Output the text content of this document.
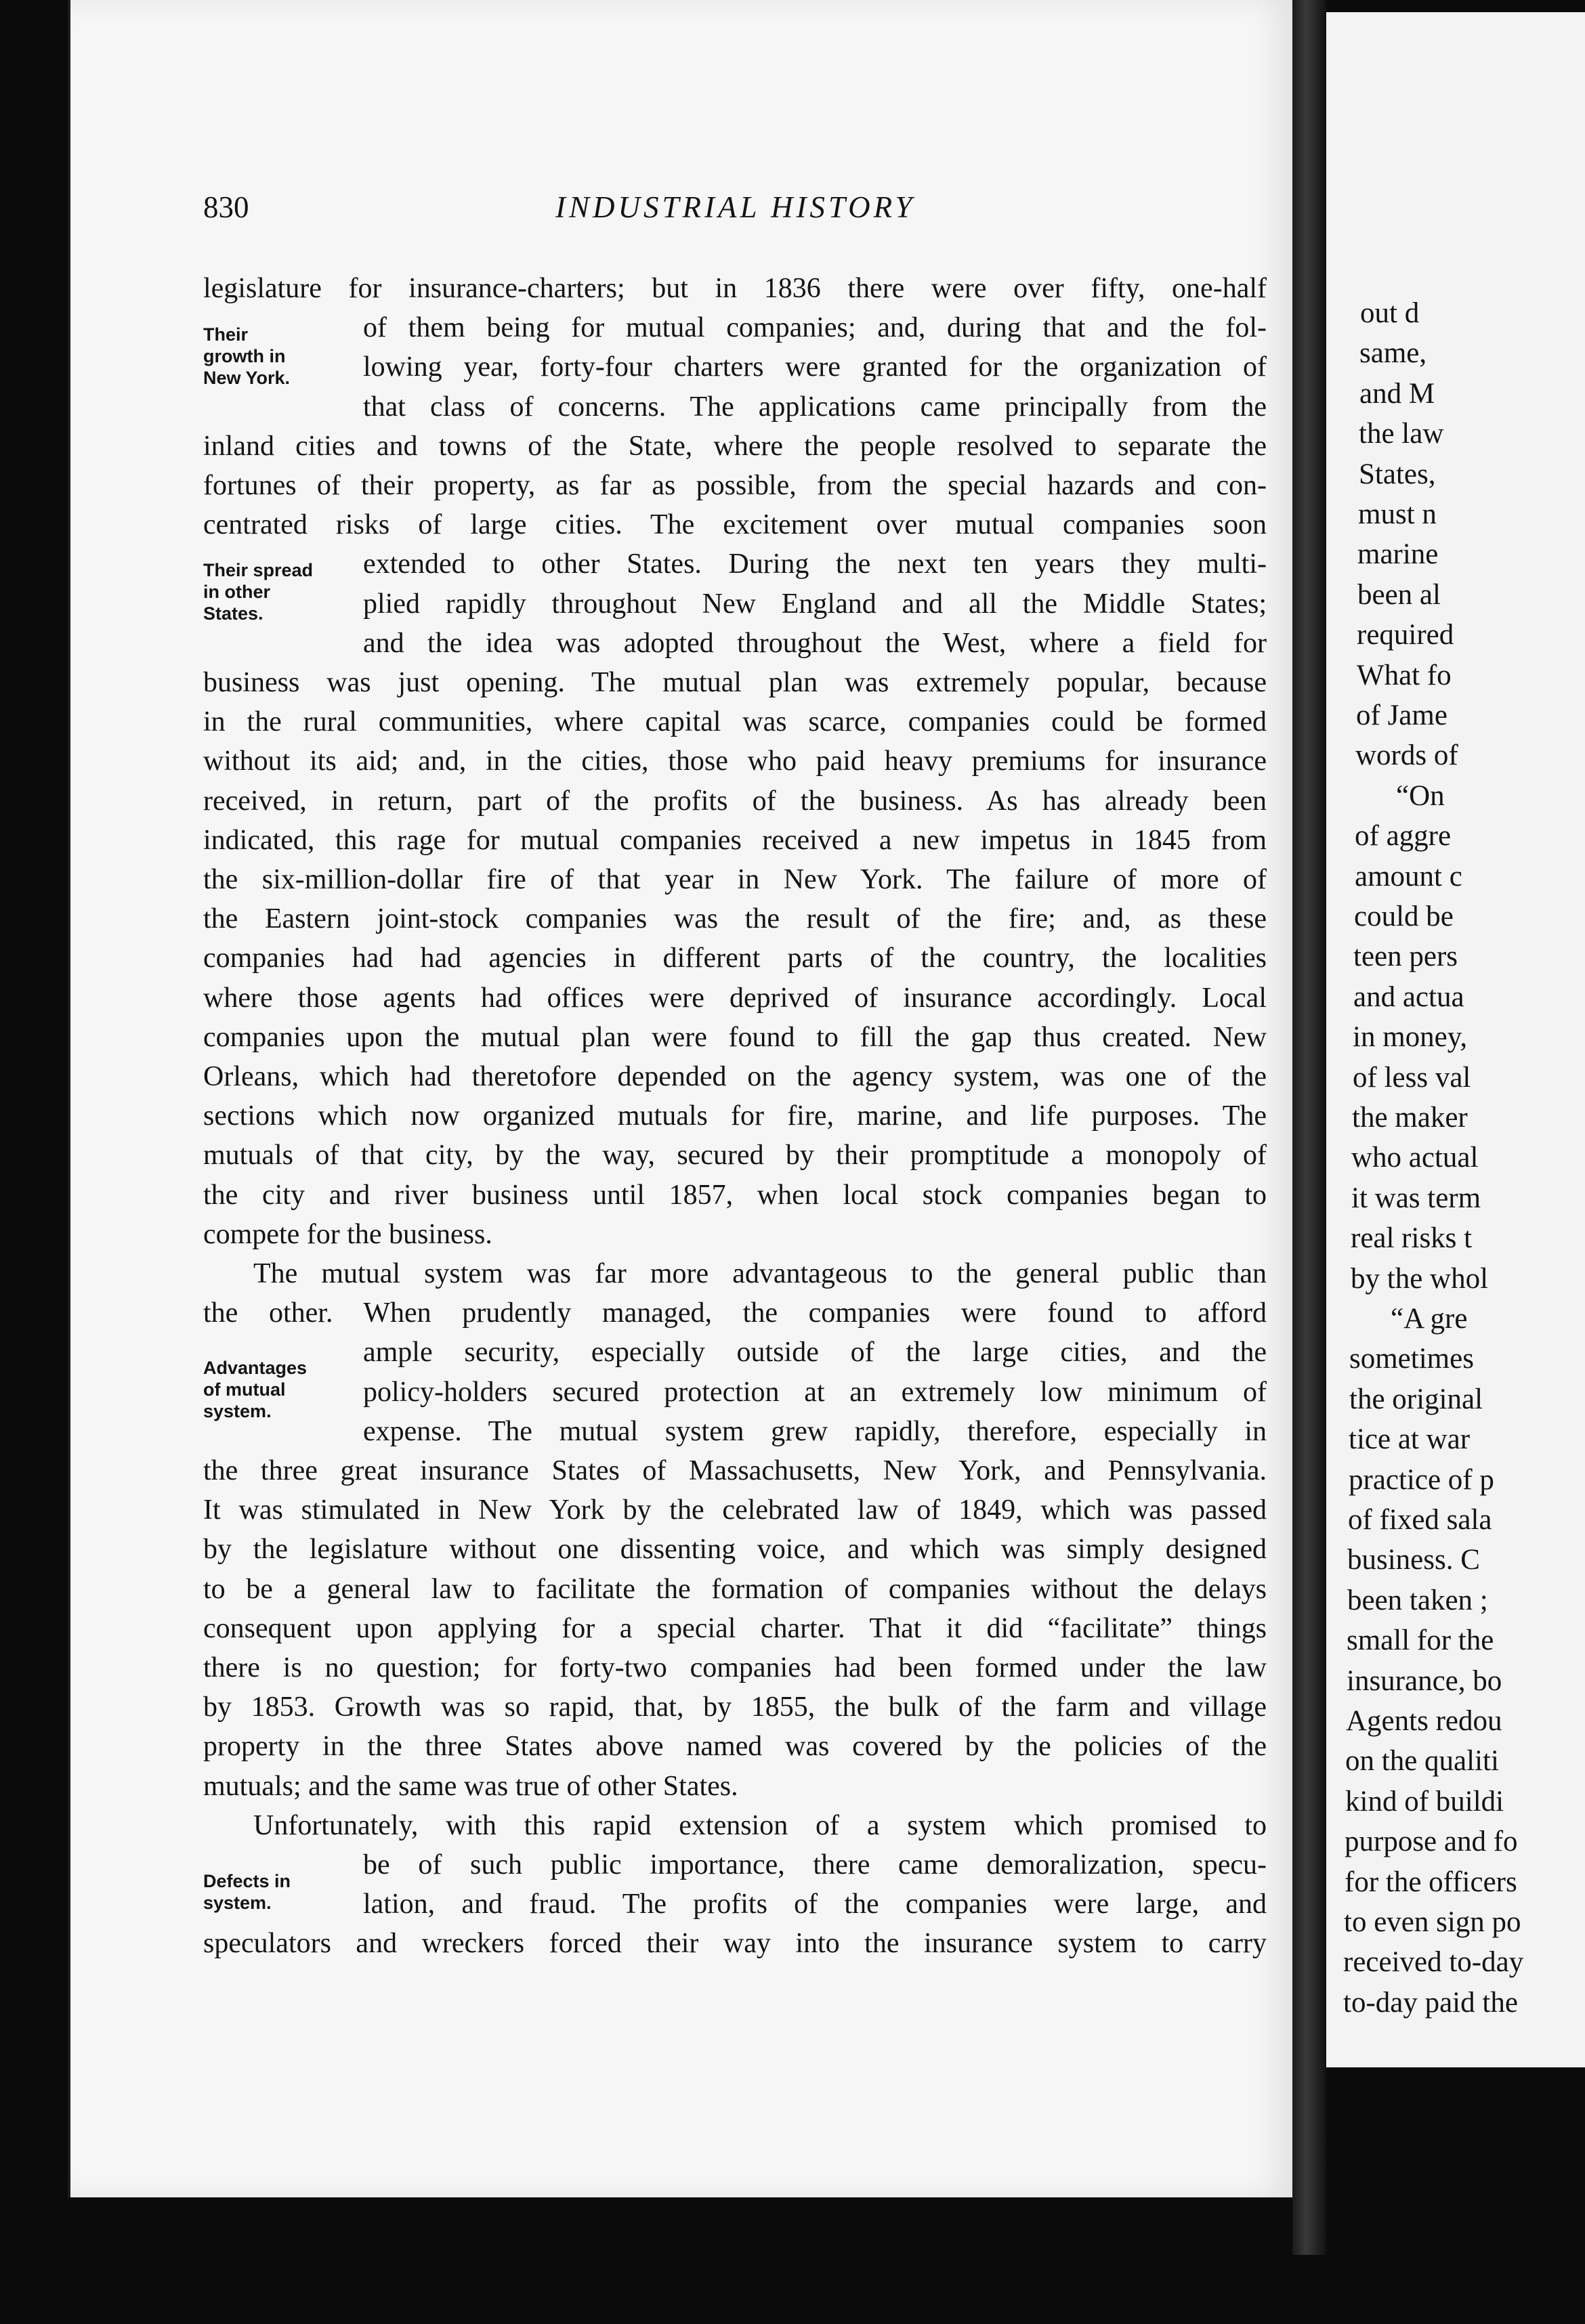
830	INDUSTRIAL HISTORY
Their
growth in
New York.
Their spread
in other
States.
Advantages
of mutual
system.
Defects in
system.
legislature for insurance-charters; but in 1836 there were over fifty, one-half
of them being for mutual companies; and, during that and the fol-
lowing year, forty-four charters were granted for the organization of
that class of concerns. The applications came principally from the
inland cities and towns of the State, where the people resolved to separate the
fortunes of their property, as far as possible, from the special hazards and con-
centrated risks of large cities. The excitement over mutual companies soon
extended to other States. During the next ten years they multi-
plied rapidly throughout New England and all the Middle States;
and the idea was adopted throughout the West, where a field for
business was just opening. The mutual plan was extremely popular, because
in the rural communities, where capital was scarce, companies could be formed
without its aid; and, in the cities, those who paid heavy premiums for insurance
received, in return, part of the profits of the business. As has already been
indicated, this rage for mutual companies received a new impetus in 1845 from
the six-million-dollar fire of that year in New York. The failure of more of
the Eastern joint-stock companies was the result of the fire; and, as these
companies had had agencies in different parts of the country, the localities
where those agents had offices were deprived of insurance accordingly. Local
companies upon the mutual plan were found to fill the gap thus created. New
Orleans, which had theretofore depended on the agency system, was one of the
sections which now organized mutuals for fire, marine, and life purposes. The
mutuals of that city, by the way, secured by their promptitude a monopoly of
the city and river business until 1857, when local stock companies began to
compete for the business.
The mutual system was far more advantageous to the general public than
the other. When prudently managed, the companies were found to afford
ample security, especially outside of the large cities, and the
policy-holders secured protection at an extremely low minimum of
expense. The mutual system grew rapidly, therefore, especially in
the three great insurance States of Massachusetts, New York, and Pennsylvania.
It was stimulated in New York by the celebrated law of 1849, which was passed
by the legislature without one dissenting voice, and which was simply designed
to be a general law to facilitate the formation of companies without the delays
consequent upon applying for a special charter. That it did “facilitate” things
there is no question; for forty-two companies had been formed under the law
by 1853. Growth was so rapid, that, by 1855, the bulk of the farm and village
property in the three States above named was covered by the policies of the
mutuals; and the same was true of other States.
Unfortunately, with this rapid extension of a system which promised to
be of such public importance, there came demoralization, specu-
lation, and fraud. The profits of the companies were large, and
speculators and wreckers forced their way into the insurance system to carry
out d
same,
and M
the law
States,
must n
marine
been al
required
What fo
of Jame
words of
“On
of aggre
amount c
could be
teen pers
and actua
in money,
of less val
the maker
who actual
it was term
real risks t
by the whol
“A gre
sometimes
the original
tice at war
practice of p
of fixed sala
business. C
been taken ;
small for the
insurance, bo
Agents redou
on the qualiti
kind of buildi
purpose and fo
for the officers
to even sign po
received to-day
to-day paid the
